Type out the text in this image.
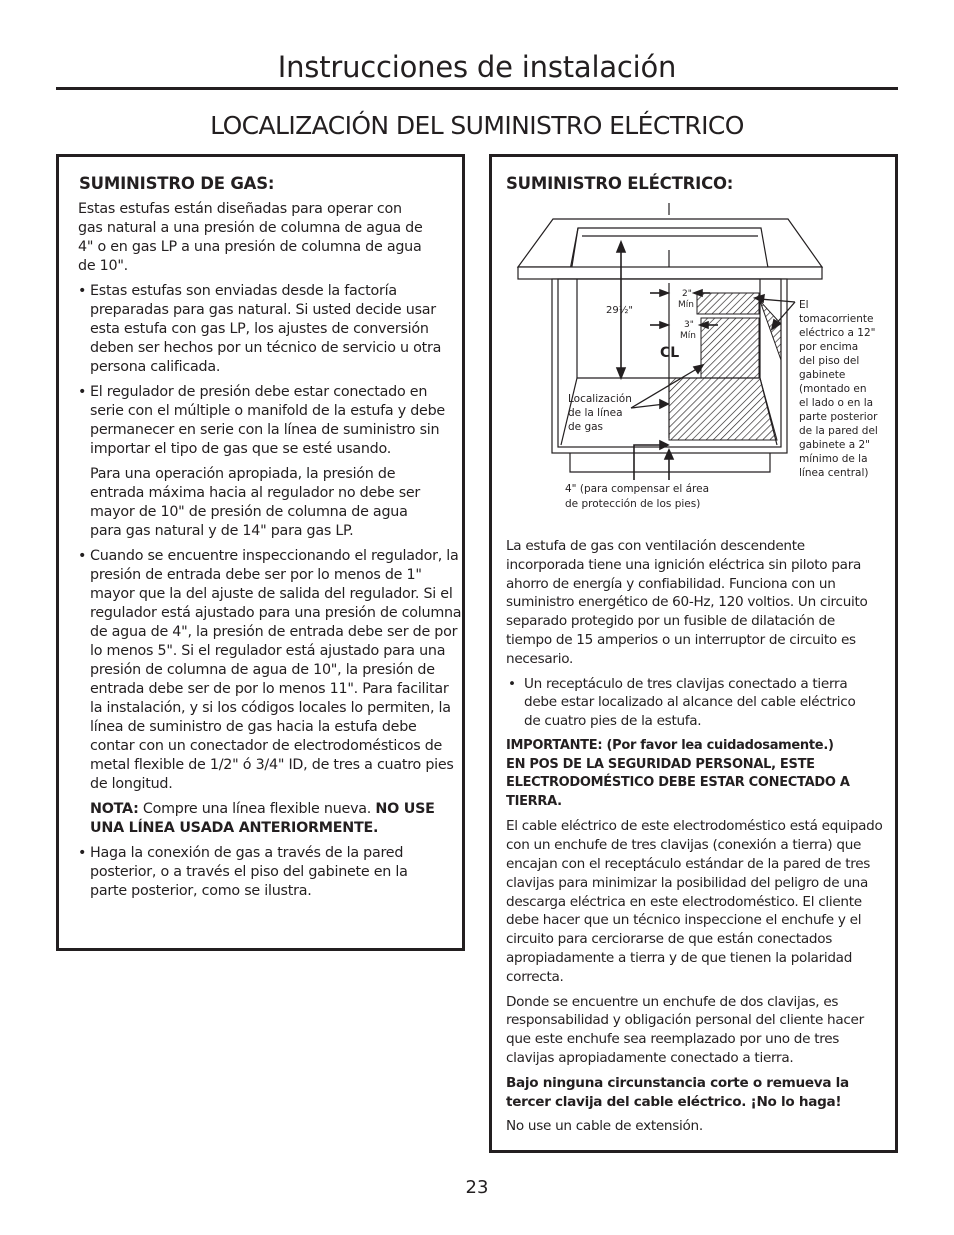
Instrucciones de instalación
LOCALIZACIÓN DEL SUMINISTRO ELÉCTRICO
SUMINISTRO DE GAS:

Estas estufas están diseñadas para operar con gas natural a una presión de columna de agua de 4" o en gas LP a una presión de columna de agua de 10".

• Estas estufas son enviadas desde la factoría preparadas para gas natural. Si usted decide usar esta estufa con gas LP, los ajustes de conversión deben ser hechos por un técnico de servicio u otra persona calificada.
• El regulador de presión debe estar conectado en serie con el múltiple o manifold de la estufa y debe permanecer en serie con la línea de suministro sin importar el tipo de gas que se esté usando.

Para una operación apropiada, la presión de entrada máxima hacia al regulador no debe ser mayor de 10" de presión de columna de agua para gas natural y de 14" para gas LP.

• Cuando se encuentre inspeccionando el regulador, la presión de entrada debe ser por lo menos de 1" mayor que la del ajuste de salida del regulador. Si el regulador está ajustado para una presión de columna de agua de 4", la presión de entrada debe ser de por lo menos 5". Si el regulador está ajustado para una presión de columna de agua de 10", la presión de entrada debe ser de por lo menos 11". Para facilitar la instalación, y si los códigos locales lo permiten, la línea de suministro de gas hacia la estufa debe contar con un conectador de electrodomésticos de metal flexible de 1/2" ó 3/4" ID, de tres a cuatro pies de longitud.

NOTA: Compre una línea flexible nueva. NO USE UNA LÍNEA USADA ANTERIORMENTE.

• Haga la conexión de gas a través de la pared posterior, o a través el piso del gabinete en la parte posterior, como se ilustra.
SUMINISTRO ELÉCTRICO:
29½"
2"
Mín
3"
Mín
CL
Localización
de la línea
de gas
El
tomacorriente
eléctrico a 12"
por encima
del piso del
gabinete
(montado en
el lado o en la
parte posterior
de la pared del
gabinete a 2"
mínimo de la
línea central)
4" (para compensar el área
de protección de los pies)

La estufa de gas con ventilación descendente incorporada tiene una ignición eléctrica sin piloto para ahorro de energía y confiabilidad. Funciona con un suministro energético de 60-Hz, 120 voltios. Un circuito separado protegido por un fusible de dilatación de tiempo de 15 amperios o un interruptor de circuito es necesario.

• Un receptáculo de tres clavijas conectado a tierra debe estar localizado al alcance del cable eléctrico de cuatro pies de la estufa.

IMPORTANTE: (Por favor lea cuidadosamente.) EN POS DE LA SEGURIDAD PERSONAL, ESTE ELECTRODOMÉSTICO DEBE ESTAR CONECTADO A TIERRA.

El cable eléctrico de este electrodoméstico está equipado con un enchufe de tres clavijas (conexión a tierra) que encajan con el receptáculo estándar de la pared de tres clavijas para minimizar la posibilidad del peligro de una descarga eléctrica en este electrodoméstico. El cliente debe hacer que un técnico inspeccione el enchufe y el circuito para cerciorarse de que están conectados apropiadamente a tierra y de que tienen la polaridad correcta.

Donde se encuentre un enchufe de dos clavijas, es responsabilidad y obligación personal del cliente hacer que este enchufe sea reemplazado por uno de tres clavijas apropiadamente conectado a tierra.

Bajo ninguna circunstancia corte o remueva la tercer clavija del cable eléctrico. ¡No lo haga!

No use un cable de extensión.

23
